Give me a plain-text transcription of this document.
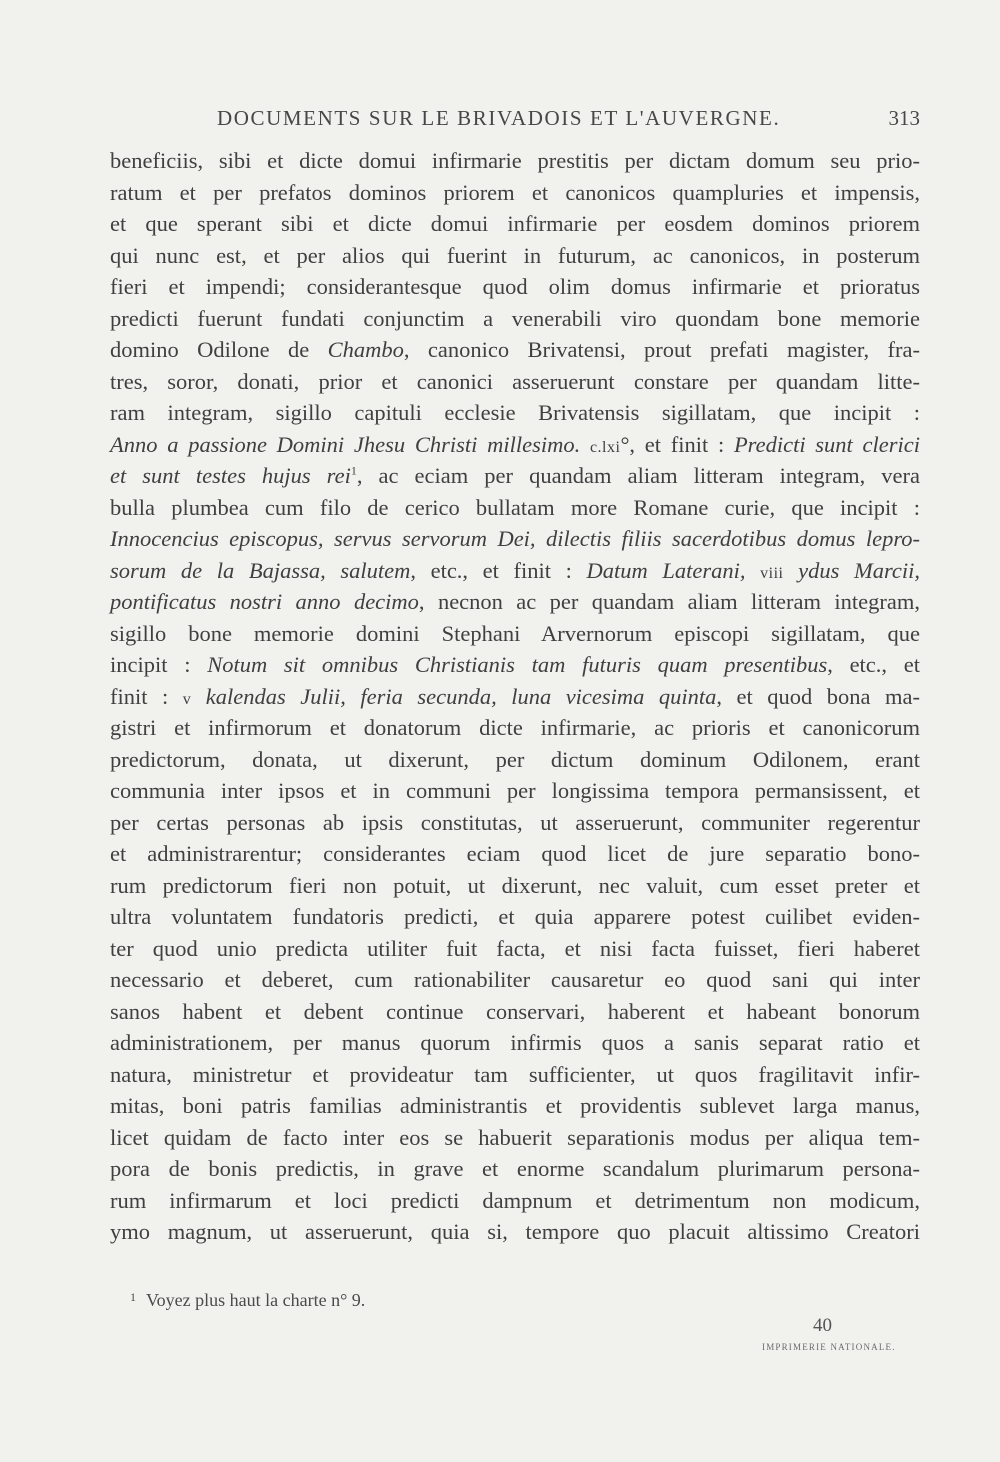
DOCUMENTS SUR LE BRIVADOIS ET L'AUVERGNE.	313
beneficiis, sibi et dicte domui infirmarie prestitis per dictam domum seu prio-
ratum et per prefatos dominos priorem et canonicos quampluries et impensis,
et que sperant sibi et dicte domui infirmarie per eosdem dominos priorem
qui nunc est, et per alios qui fuerint in futurum, ac canonicos, in posterum
fieri et impendi; considerantesque quod olim domus infirmarie et prioratus
predicti fuerunt fundati conjunctim a venerabili viro quondam bone memorie
domino Odilone de Chambo, canonico Brivatensi, prout prefati magister, fra-
tres, soror, donati, prior et canonici asseruerunt constare per quandam litte-
ram integram, sigillo capituli ecclesie Brivatensis sigillatam, que incipit :
Anno a passione Domini Jhesu Christi millesimo. c.lxi°, et finit : Predicti sunt clerici
et sunt testes hujus rei$^1$, ac eciam per quandam aliam litteram integram, vera
bulla plumbea cum filo de cerico bullatam more Romane curie, que incipit :
Innocencius episcopus, servus servorum Dei, dilectis filiis sacerdotibus domus lepro-
sorum de la Bajassa, salutem, etc., et finit : Datum Laterani, viii ydus Marcii,
pontificatus nostri anno decimo, necnon ac per quandam aliam litteram integram,
sigillo bone memorie domini Stephani Arvernorum episcopi sigillatam, que
incipit : Notum sit omnibus Christianis tam futuris quam presentibus, etc., et
finit : v kalendas Julii, feria secunda, luna vicesima quinta, et quod bona ma-
gistri et infirmorum et donatorum dicte infirmarie, ac prioris et canonicorum
predictorum, donata, ut dixerunt, per dictum dominum Odilonem, erant
communia inter ipsos et in communi per longissima tempora permansissent, et
per certas personas ab ipsis constitutas, ut asseruerunt, communiter regerentur
et administrarentur; considerantes eciam quod licet de jure separatio bono-
rum predictorum fieri non potuit, ut dixerunt, nec valuit, cum esset preter et
ultra voluntatem fundatoris predicti, et quia apparere potest cuilibet eviden-
ter quod unio predicta utiliter fuit facta, et nisi facta fuisset, fieri haberet
necessario et deberet, cum rationabiliter causaretur eo quod sani qui inter
sanos habent et debent continue conservari, haberent et habeant bonorum
administrationem, per manus quorum infirmis quos a sanis separat ratio et
natura, ministretur et provideatur tam sufficienter, ut quos fragilitavit infir-
mitas, boni patris familias administrantis et providentis sublevet larga manus,
licet quidam de facto inter eos se habuerit separationis modus per aliqua tem-
pora de bonis predictis, in grave et enorme scandalum plurimarum persona-
rum infirmarum et loci predicti dampnum et detrimentum non modicum,
ymo magnum, ut asseruerunt, quia si, tempore quo placuit altissimo Creatori
$^1$ Voyez plus haut la charte n° 9.
40
IMPRIMERIE NATIONALE.
